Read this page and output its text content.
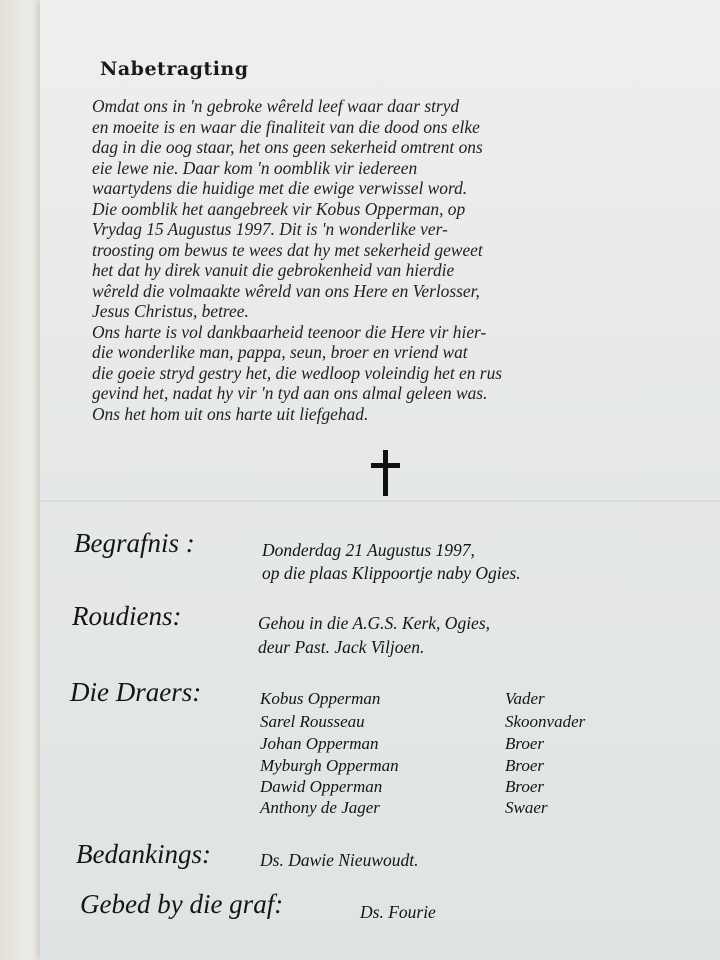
Nabetragting
Omdat ons in 'n gebroke wêreld leef waar daar stryd
en moeite is en waar die finaliteit van die dood ons elke
dag in die oog staar, het ons geen sekerheid omtrent ons
eie lewe nie. Daar kom 'n oomblik vir iedereen
waartydens die huidige met die ewige verwissel word.
Die oomblik het aangebreek vir Kobus Opperman, op
Vrydag 15 Augustus 1997. Dit is 'n wonderlike ver-
troosting om bewus te wees dat hy met sekerheid geweet
het dat hy direk vanuit die gebrokenheid van hierdie
wêreld die volmaakte wêreld van ons Here en Verlosser,
Jesus Christus, betree.
Ons harte is vol dankbaarheid teenoor die Here vir hier-
die wonderlike man, pappa, seun, broer en vriend wat
die goeie stryd gestry het, die wedloop voleindig het en rus
gevind het, nadat hy vir 'n tyd aan ons almal geleen was.
Ons het hom uit ons harte uit liefgehad.
Begrafnis :	Donderdag 21 Augustus 1997,
op die plaas Klippoortje naby Ogies.
Roudiens:	Gehou in die A.G.S. Kerk, Ogies,
deur Past. Jack Viljoen.
Die Draers:	Kobus Opperman	Vader
Sarel Rousseau	Skoonvader
Johan Opperman	Broer
Myburgh Opperman	Broer
Dawid Opperman	Broer
Anthony de Jager	Swaer
Bedankings:	Ds. Dawie Nieuwoudt.
Gebed by die graf:	Ds. Fourie
